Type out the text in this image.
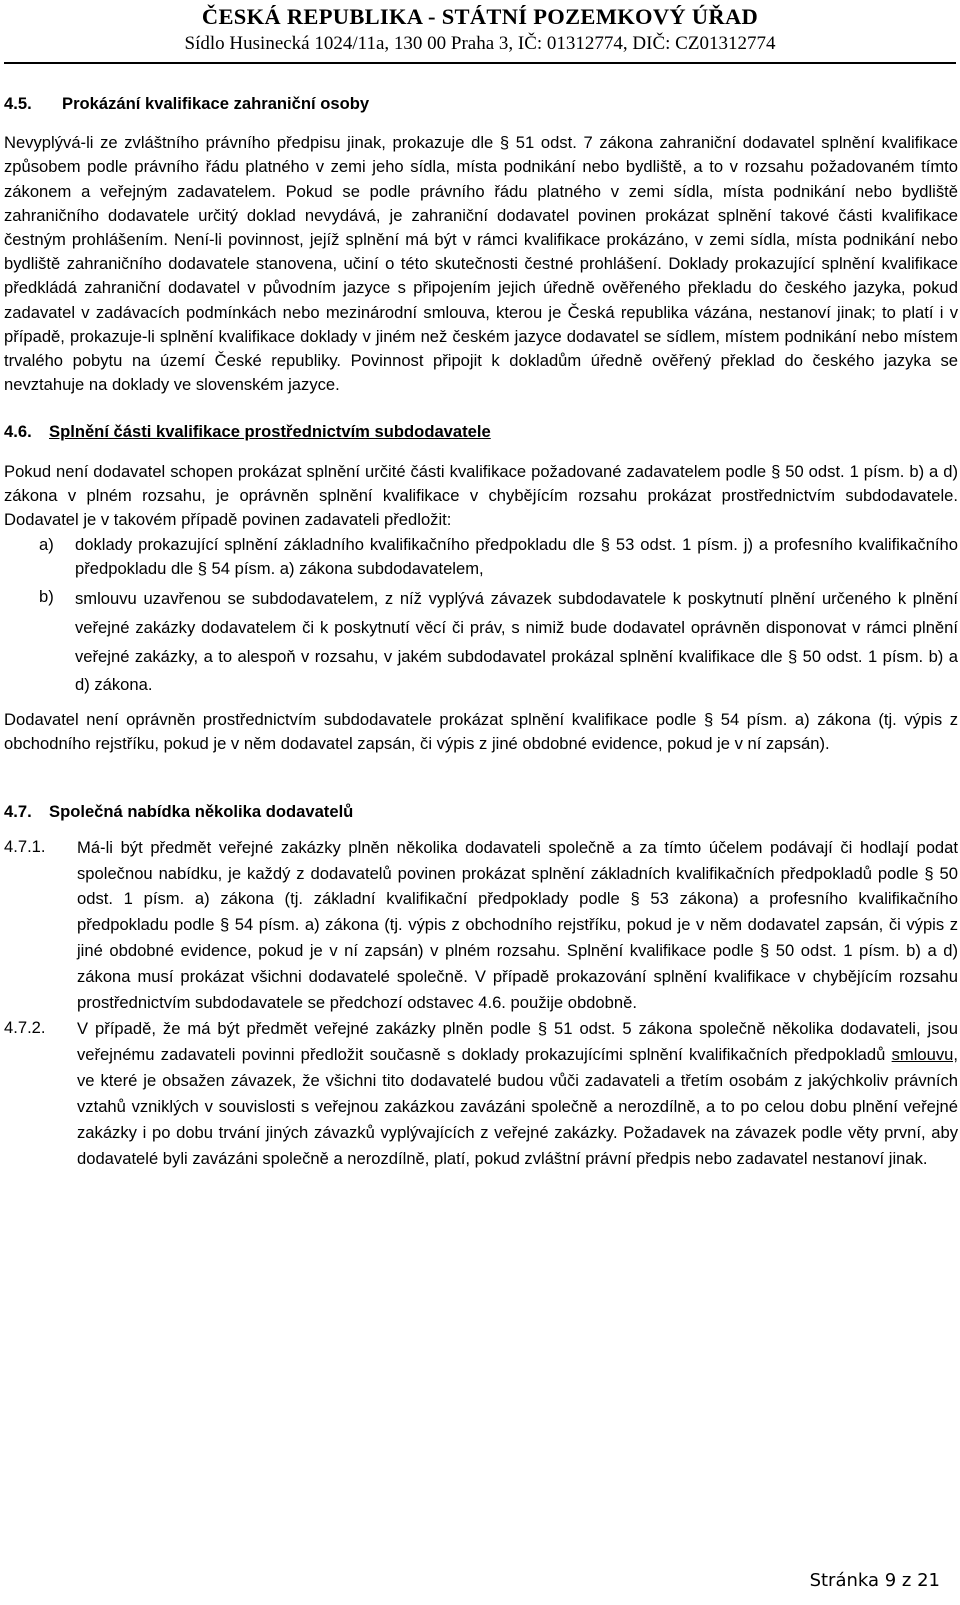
ČESKÁ REPUBLIKA - STÁTNÍ POZEMKOVÝ ÚŘAD
Sídlo Husinecká 1024/11a, 130 00 Praha 3, IČ: 01312774, DIČ: CZ01312774

4.5. Prokázání kvalifikace zahraniční osoby

Nevyplývá-li ze zvláštního právního předpisu jinak, prokazuje dle § 51 odst. 7 zákona zahraniční dodavatel splnění kvalifikace způsobem podle právního řádu platného v zemi jeho sídla, místa podnikání nebo bydliště, a to v rozsahu požadovaném tímto zákonem a veřejným zadavatelem. Pokud se podle právního řádu platného v zemi sídla, místa podnikání nebo bydliště zahraničního dodavatele určitý doklad nevydává, je zahraniční dodavatel povinen prokázat splnění takové části kvalifikace čestným prohlášením. Není-li povinnost, jejíž splnění má být v rámci kvalifikace prokázáno, v zemi sídla, místa podnikání nebo bydliště zahraničního dodavatele stanovena, učiní o této skutečnosti čestné prohlášení. Doklady prokazující splnění kvalifikace předkládá zahraniční dodavatel v původním jazyce s připojením jejich úředně ověřeného překladu do českého jazyka, pokud zadavatel v zadávacích podmínkách nebo mezinárodní smlouva, kterou je Česká republika vázána, nestanoví jinak; to platí i v případě, prokazuje-li splnění kvalifikace doklady v jiném než českém jazyce dodavatel se sídlem, místem podnikání nebo místem trvalého pobytu na území České republiky. Povinnost připojit k dokladům úředně ověřený překlad do českého jazyka se nevztahuje na doklady ve slovenském jazyce.

4.6. Splnění části kvalifikace prostřednictvím subdodavatele

Pokud není dodavatel schopen prokázat splnění určité části kvalifikace požadované zadavatelem podle § 50 odst. 1 písm. b) a d) zákona v plném rozsahu, je oprávněn splnění kvalifikace v chybějícím rozsahu prokázat prostřednictvím subdodavatele. Dodavatel je v takovém případě povinen zadavateli předložit:

a)	doklady prokazující splnění základního kvalifikačního předpokladu dle § 53 odst. 1 písm. j) a profesního kvalifikačního předpokladu dle § 54 písm. a) zákona subdodavatelem,
b)	smlouvu uzavřenou se subdodavatelem, z níž vyplývá závazek subdodavatele k poskytnutí plnění určeného k plnění veřejné zakázky dodavatelem či k poskytnutí věcí či práv, s nimiž bude dodavatel oprávněn disponovat v rámci plnění veřejné zakázky, a to alespoň v rozsahu, v jakém subdodavatel prokázal splnění kvalifikace dle § 50 odst. 1 písm. b) a d) zákona.

Dodavatel není oprávněn prostřednictvím subdodavatele prokázat splnění kvalifikace podle § 54 písm. a) zákona (tj. výpis z obchodního rejstříku, pokud je v něm dodavatel zapsán, či výpis z jiné obdobné evidence, pokud je v ní zapsán).

4.7. Společná nabídka několika dodavatelů

4.7.1.	Má-li být předmět veřejné zakázky plněn několika dodavateli společně a za tímto účelem podávají či hodlají podat společnou nabídku, je každý z dodavatelů povinen prokázat splnění základních kvalifikačních předpokladů podle § 50 odst. 1 písm. a) zákona (tj. základní kvalifikační předpoklady podle § 53 zákona) a profesního kvalifikačního předpokladu podle § 54 písm. a) zákona (tj. výpis z obchodního rejstříku, pokud je v něm dodavatel zapsán, či výpis z jiné obdobné evidence, pokud je v ní zapsán) v plném rozsahu. Splnění kvalifikace podle § 50 odst. 1 písm. b) a d) zákona musí prokázat všichni dodavatelé společně. V případě prokazování splnění kvalifikace v chybějícím rozsahu prostřednictvím subdodavatele se předchozí odstavec 4.6. použije obdobně.
4.7.2.	V případě, že má být předmět veřejné zakázky plněn podle § 51 odst. 5 zákona společně několika dodavateli, jsou veřejnému zadavateli povinni předložit současně s doklady prokazujícími splnění kvalifikačních předpokladů smlouvu, ve které je obsažen závazek, že všichni tito dodavatelé budou vůči zadavateli a třetím osobám z jakýchkoliv právních vztahů vzniklých v souvislosti s veřejnou zakázkou zavázáni společně a nerozdílně, a to po celou dobu plnění veřejné zakázky i po dobu trvání jiných závazků vyplývajících z veřejné zakázky. Požadavek na závazek podle věty první, aby dodavatelé byli zavázáni společně a nerozdílně, platí, pokud zvláštní právní předpis nebo zadavatel nestanoví jinak.
Stránka 9 z 21
